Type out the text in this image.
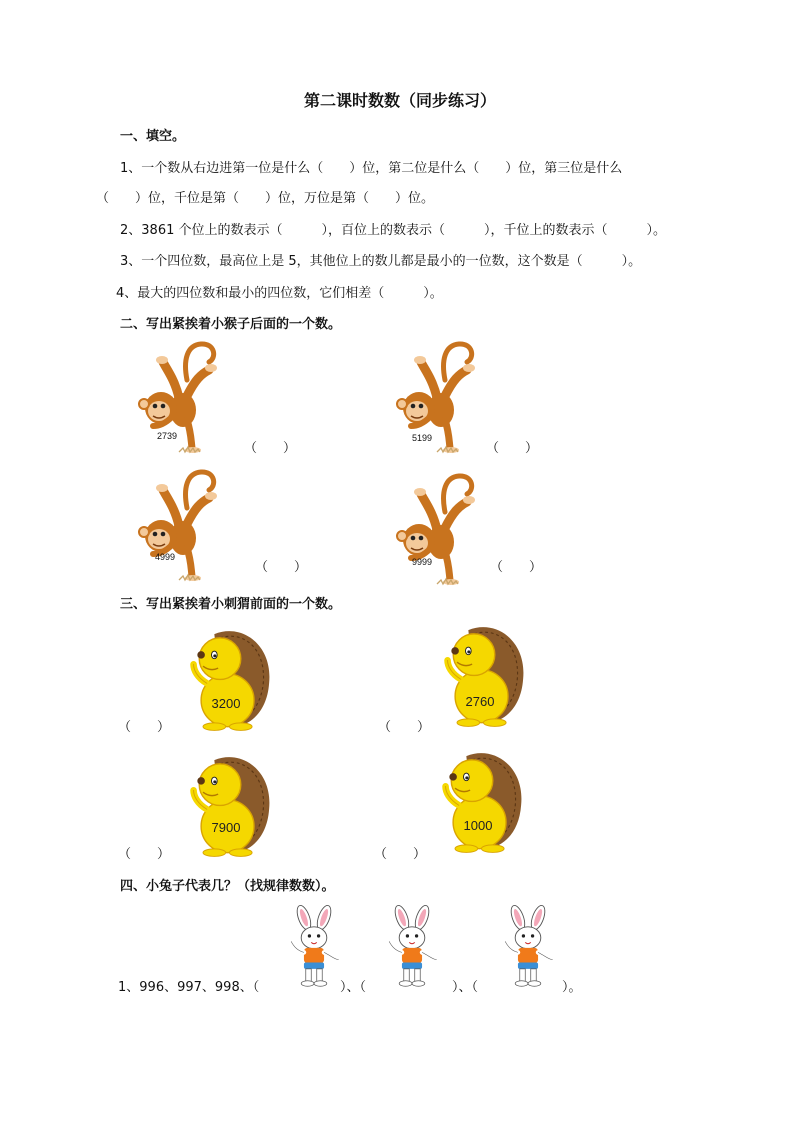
第二课时数数（同步练习）
一、填空。
1、一个数从右边进第一位是什么（　　）位，第二位是什么（　　）位，第三位是什么
（　　）位，千位是第（　　）位，万位是第（　　）位。
2、3861 个位上的数表示（　　　），百位上的数表示（　　　），千位上的数表示（　　　）。
3、一个四位数，最高位上是 5，其他位上的数儿都是最小的一位数，这个数是（　　　）。
4、最大的四位数和最小的四位数，它们相差（　　　）。
二、写出紧挨着小猴子后面的一个数。
2739
（　　）
5199
（　　）
4999
（　　）	9999	（　　）
三、写出紧挨着小刺猬前面的一个数。
3200
（　　）
2760
（　　）
7900
（　　）
1000
（　　）
四、小兔子代表几？（找规律数数）。
1、996、997、998、（	）、（	）、（	）。
